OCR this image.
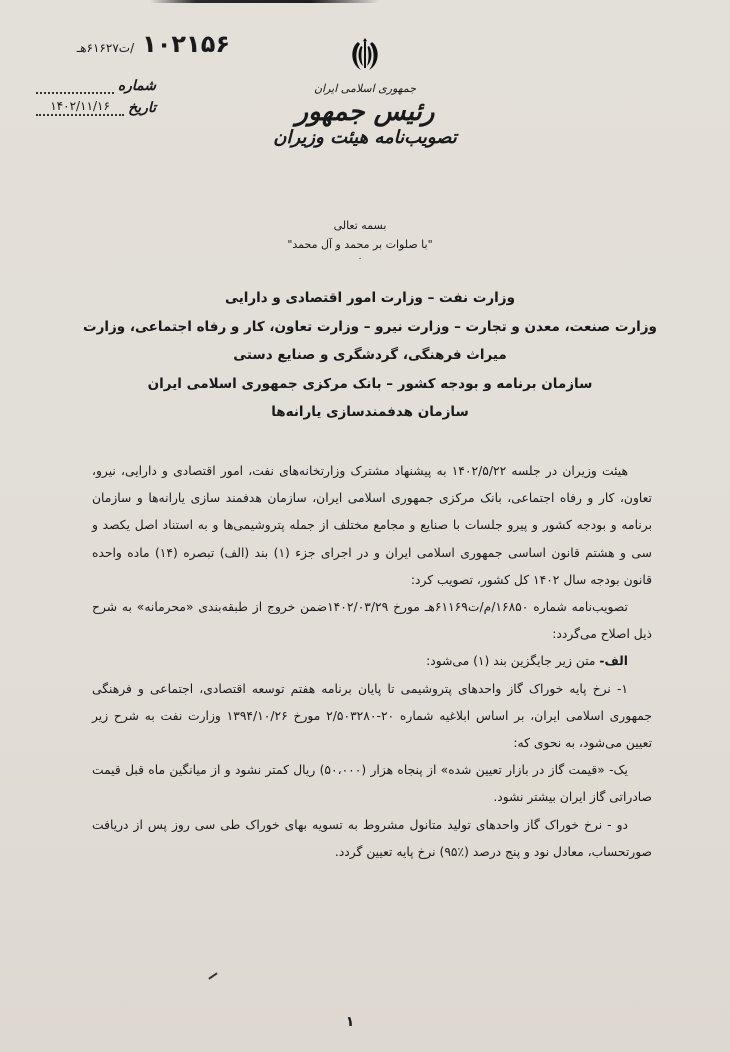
۱۰۲۱۵۶
/ت۶۱۶۲۷هـ
شماره
تاریخ
۱۴۰۲/۱۱/۱۶
جمهوری اسلامی ایران
رئیس جمهور
تصویب‌نامه هیئت وزیران
بسمه تعالی
"با صلوات بر محمد و آل محمد"
۰
وزارت نفت – وزارت امور اقتصادی و دارایی
وزارت صنعت، معدن و تجارت – وزارت نیرو – وزارت تعاون، کار و رفاه اجتماعی، وزارت
میراث فرهنگی، گردشگری و صنایع دستی
سازمان برنامه و بودجه کشور – بانک مرکزی جمهوری اسلامی ایران
سازمان هدفمندسازی یارانه‌ها

هیئت وزیران در جلسه ۱۴۰۲/۵/۲۲ به پیشنهاد مشترک وزارتخانه‌های نفت، امور اقتصادی و دارایی، نیرو، تعاون، کار و رفاه اجتماعی، بانک مرکزی جمهوری اسلامی ایران، سازمان هدفمند سازی یارانه‌ها و سازمان برنامه و بودجه کشور و پیرو جلسات با صنایع و مجامع مختلف از جمله پتروشیمی‌ها و به استناد اصل یکصد و سی و هشتم قانون اساسی جمهوری اسلامی ایران و در اجرای جزء (۱) بند (الف) تبصره (۱۴) ماده واحده قانون بودجه سال ۱۴۰۲ کل کشور، تصویب کرد:

تصویب‌نامه شماره ۱۶۸۵۰/م/ت۶۱۱۶۹هـ مورخ ۱۴۰۲/۰۳/۲۹ضمن خروج از طبقه‌بندی «محرمانه» به شرح ذیل اصلاح می‌گردد:

الف- متن زیر جایگزین بند (۱) می‌شود:

۱- نرخ پایه خوراک گاز واحدهای پتروشیمی تا پایان برنامه هفتم توسعه اقتصادی، اجتماعی و فرهنگی جمهوری اسلامی ایران، بر اساس ابلاغیه شماره ۲۰-۲/۵۰۳۲۸۰ مورخ ۱۳۹۴/۱۰/۲۶ وزارت نفت به شرح زیر تعیین می‌شود، به نحوی که:

یک- «قیمت گاز در بازار تعیین شده» از پنجاه هزار (۵۰،۰۰۰) ریال کمتر نشود و از میانگین ماه قبل قیمت صادراتی گاز ایران بیشتر نشود.

دو - نرخ خوراک گاز واحدهای تولید متانول مشروط به تسویه بهای خوراک طی سی روز پس از دریافت صورتحساب، معادل نود و پنج درصد (٪۹۵) نرخ پایه تعیین گردد.

۱
